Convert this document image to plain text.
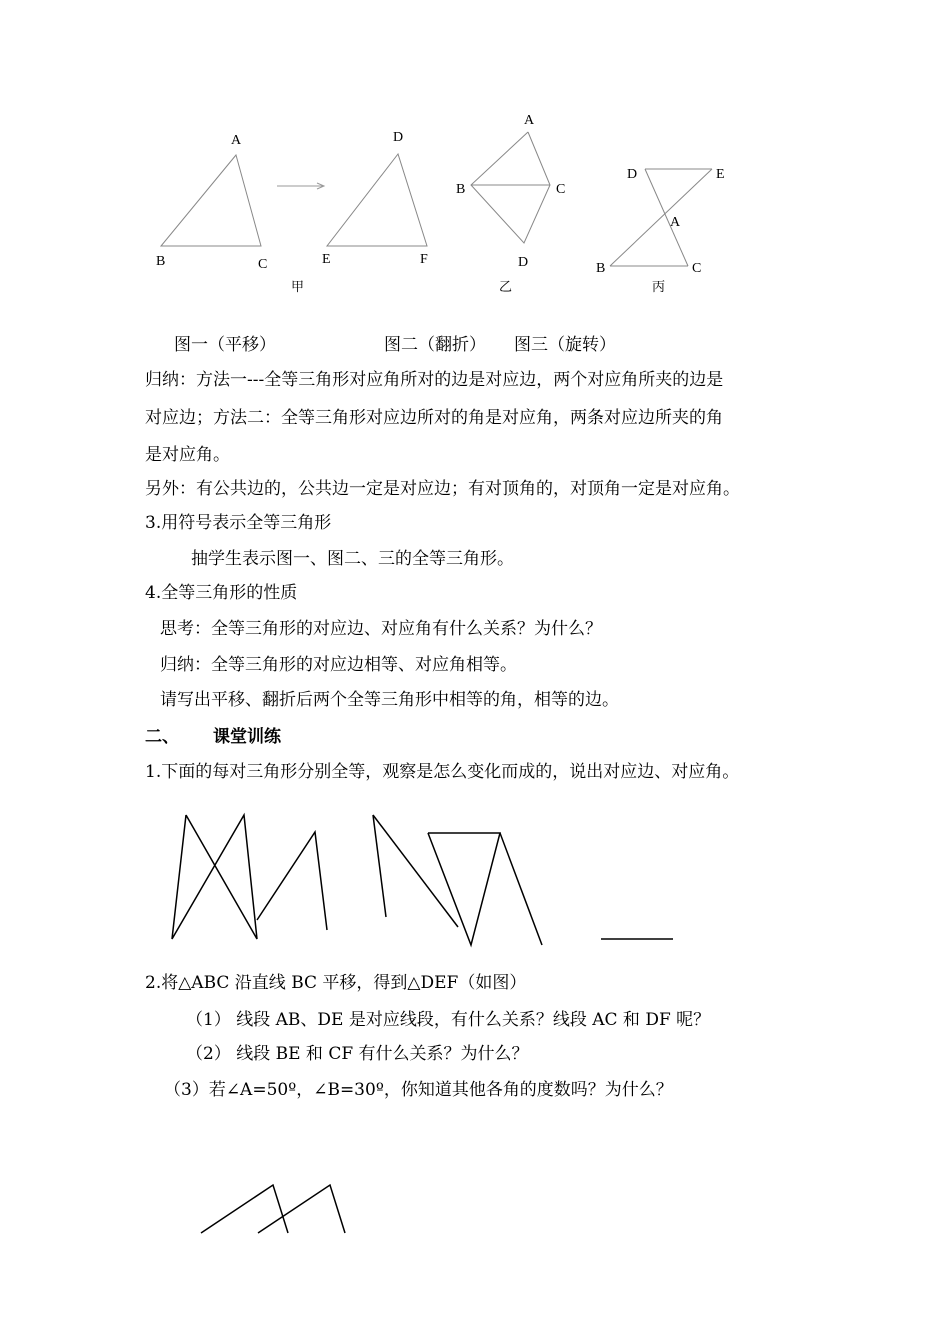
A
B	C
D
E	F
A
B	C
D
D	E
A
B	C
甲	乙	丙
图一（平移）	图二（翻折） 图三（旋转）
归纳：方法一---全等三角形对应角所对的边是对应边，两个对应角所夹的边是
对应边；方法二：全等三角形对应边所对的角是对应角，两条对应边所夹的角
是对应角。
另外：有公共边的，公共边一定是对应边；有对顶角的，对顶角一定是对应角。
3.用符号表示全等三角形
抽学生表示图一、图二、三的全等三角形。
4.全等三角形的性质
思考：全等三角形的对应边、对应角有什么关系？为什么？
归纳：全等三角形的对应边相等、对应角相等。
请写出平移、翻折后两个全等三角形中相等的角，相等的边。
二、 课堂训练
1.下面的每对三角形分别全等，观察是怎么变化而成的，说出对应边、对应角。
2.将△ABC 沿直线 BC 平移，得到△DEF（如图）
（1） 线段 AB、DE 是对应线段，有什么关系？线段 AC 和 DF 呢？
（2） 线段 BE 和 CF 有什么关系？为什么？
（3）若∠A=50º，∠B=30º，你知道其他各角的度数吗？为什么？
